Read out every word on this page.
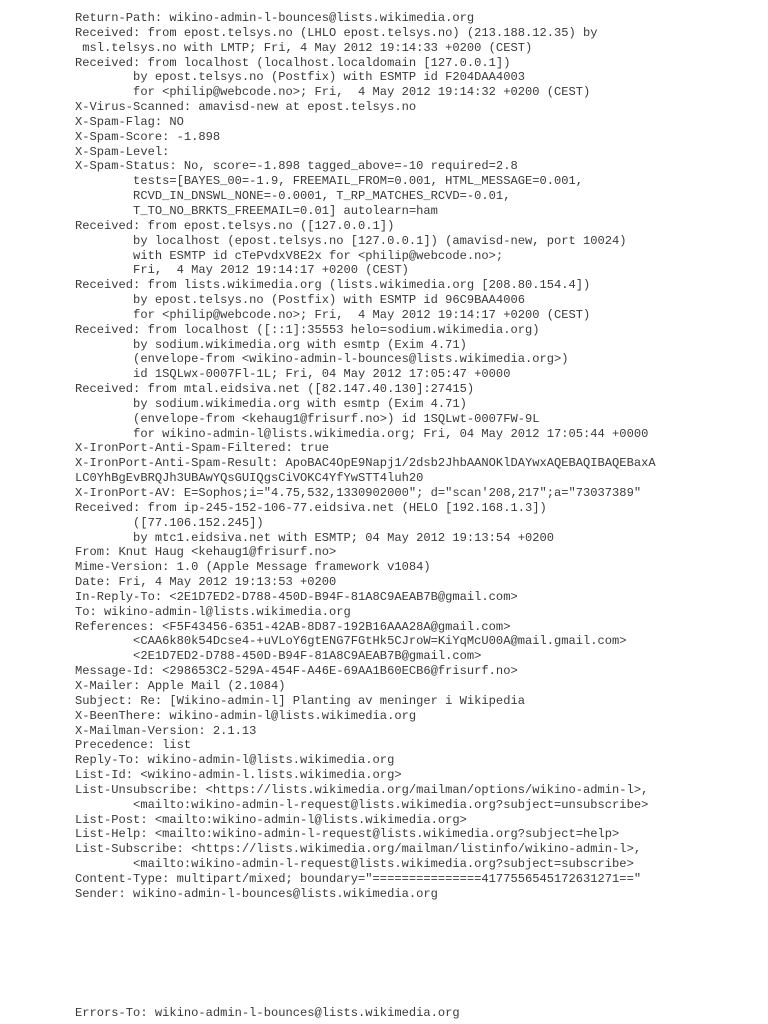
Return-Path: wikino-admin-l-bounces@lists.wikimedia.org
Received: from epost.telsys.no (LHLO epost.telsys.no) (213.188.12.35) by
msl.telsys.no with LMTP; Fri, 4 May 2012 19:14:33 +0200 (CEST)
Received: from localhost (localhost.localdomain [127.0.0.1])
by epost.telsys.no (Postfix) with ESMTP id F204DAA4003
for <philip@webcode.no>; Fri,  4 May 2012 19:14:32 +0200 (CEST)
X-Virus-Scanned: amavisd-new at epost.telsys.no
X-Spam-Flag: NO
X-Spam-Score: -1.898
X-Spam-Level:
X-Spam-Status: No, score=-1.898 tagged_above=-10 required=2.8
tests=[BAYES_00=-1.9, FREEMAIL_FROM=0.001, HTML_MESSAGE=0.001,
RCVD_IN_DNSWL_NONE=-0.0001, T_RP_MATCHES_RCVD=-0.01,
T_TO_NO_BRKTS_FREEMAIL=0.01] autolearn=ham
Received: from epost.telsys.no ([127.0.0.1])
by localhost (epost.telsys.no [127.0.0.1]) (amavisd-new, port 10024)
with ESMTP id cTePvdxV8E2x for <philip@webcode.no>;
Fri,  4 May 2012 19:14:17 +0200 (CEST)
Received: from lists.wikimedia.org (lists.wikimedia.org [208.80.154.4])
by epost.telsys.no (Postfix) with ESMTP id 96C9BAA4006
for <philip@webcode.no>; Fri,  4 May 2012 19:14:17 +0200 (CEST)
Received: from localhost ([::1]:35553 helo=sodium.wikimedia.org)
by sodium.wikimedia.org with esmtp (Exim 4.71)
(envelope-from <wikino-admin-l-bounces@lists.wikimedia.org>)
id 1SQLwx-0007Fl-1L; Fri, 04 May 2012 17:05:47 +0000
Received: from mtal.eidsiva.net ([82.147.40.130]:27415)
by sodium.wikimedia.org with esmtp (Exim 4.71)
(envelope-from <kehaug1@frisurf.no>) id 1SQLwt-0007FW-9L
for wikino-admin-l@lists.wikimedia.org; Fri, 04 May 2012 17:05:44 +0000
X-IronPort-Anti-Spam-Filtered: true
X-IronPort-Anti-Spam-Result: ApoBAC4OpE9Napj1/2dsb2JhbAANOKlDAYwxAQEBAQIBAQEBaxA
LC0YhBgEvBRQJh3UBAwYQsGUIQgsCiVOKC4YfYwSTT4luh20
X-IronPort-AV: E=Sophos;i="4.75,532,1330902000"; d="scan'208,217";a="73037389"
Received: from ip-245-152-106-77.eidsiva.net (HELO [192.168.1.3])
([77.106.152.245])
by mtc1.eidsiva.net with ESMTP; 04 May 2012 19:13:54 +0200
From: Knut Haug <kehaug1@frisurf.no>
Mime-Version: 1.0 (Apple Message framework v1084)
Date: Fri, 4 May 2012 19:13:53 +0200
In-Reply-To: <2E1D7ED2-D788-450D-B94F-81A8C9AEAB7B@gmail.com>
To: wikino-admin-l@lists.wikimedia.org
References: <F5F43456-6351-42AB-8D87-192B16AAA28A@gmail.com>
<CAA6k80k54Dcse4-+uVLoY6gtENG7FGtHk5CJroW=KiYqMcU00A@mail.gmail.com>
<2E1D7ED2-D788-450D-B94F-81A8C9AEAB7B@gmail.com>
Message-Id: <298653C2-529A-454F-A46E-69AA1B60ECB6@frisurf.no>
X-Mailer: Apple Mail (2.1084)
Subject: Re: [Wikino-admin-l] Planting av meninger i Wikipedia
X-BeenThere: wikino-admin-l@lists.wikimedia.org
X-Mailman-Version: 2.1.13
Precedence: list
Reply-To: wikino-admin-l@lists.wikimedia.org
List-Id: <wikino-admin-l.lists.wikimedia.org>
List-Unsubscribe: <https://lists.wikimedia.org/mailman/options/wikino-admin-l>,
<mailto:wikino-admin-l-request@lists.wikimedia.org?subject=unsubscribe>
List-Post: <mailto:wikino-admin-l@lists.wikimedia.org>
List-Help: <mailto:wikino-admin-l-request@lists.wikimedia.org?subject=help>
List-Subscribe: <https://lists.wikimedia.org/mailman/listinfo/wikino-admin-l>,
<mailto:wikino-admin-l-request@lists.wikimedia.org?subject=subscribe>
Content-Type: multipart/mixed; boundary="===============4177556545172631271=="
Sender: wikino-admin-l-bounces@lists.wikimedia.org
Errors-To: wikino-admin-l-bounces@lists.wikimedia.org
